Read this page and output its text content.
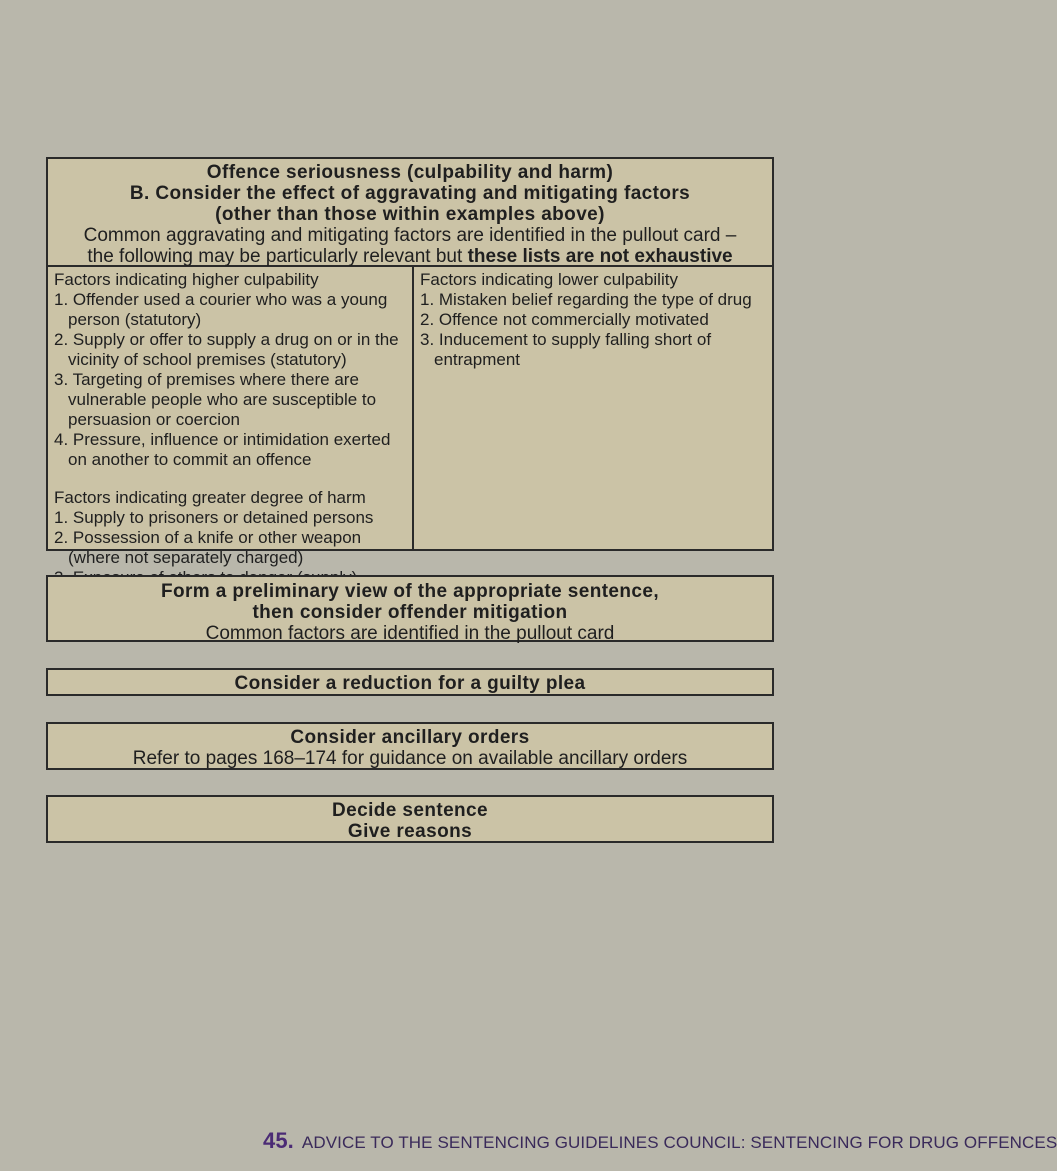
Offence seriousness (culpability and harm)
B. Consider the effect of aggravating and mitigating factors
(other than those within examples above)
Common aggravating and mitigating factors are identified in the pullout card –
the following may be particularly relevant but these lists are not exhaustive
Factors indicating higher culpability
1. Offender used a courier who was a young person (statutory)
2. Supply or offer to supply a drug on or in the vicinity of school premises (statutory)
3. Targeting of premises where there are vulnerable people who are susceptible to persuasion or coercion
4. Pressure, influence or intimidation exerted on another to commit an offence
Factors indicating greater degree of harm
1. Supply to prisoners or detained persons
2. Possession of a knife or other weapon (where not separately charged)
Factors indicating lower culpability
1. Mistaken belief regarding the type of drug
2. Offence not commercially motivated
3. Inducement to supply falling short of entrapment
Form a preliminary view of the appropriate sentence,
then consider offender mitigation
Common factors are identified in the pullout card
Consider a reduction for a guilty plea
Consider ancillary orders
Refer to pages 168–174 for guidance on available ancillary orders
Decide sentence
Give reasons
45. ADVICE TO THE SENTENCING GUIDELINES COUNCIL: SENTENCING FOR DRUG OFFENCES
